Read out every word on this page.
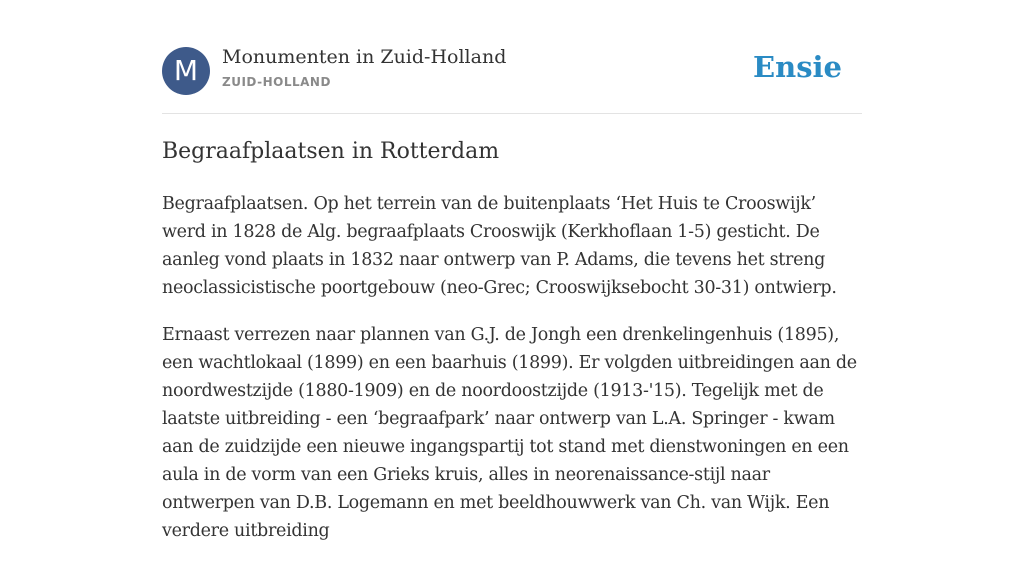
M	Monumenten in Zuid-Holland
ZUID-HOLLAND	Ensie
Begraafplaatsen in Rotterdam

Begraafplaatsen. Op het terrein van de buitenplaats ‘Het Huis te Crooswijk’ werd in 1828 de Alg. begraafplaats Crooswijk (Kerkhoflaan 1-5) gesticht. De aanleg vond plaats in 1832 naar ontwerp van P. Adams, die tevens het streng neoclassicistische poortgebouw (neo-Grec; Crooswijksebocht 30-31) ontwierp.

Ernaast verrezen naar plannen van G.J. de Jongh een drenkelingenhuis (1895), een wachtlokaal (1899) en een baarhuis (1899). Er volgden uitbreidingen aan de noordwestzijde (1880-1909) en de noordoostzijde (1913-'15). Tegelijk met de laatste uitbreiding - een ‘begraafpark’ naar ontwerp van L.A. Springer - kwam aan de zuidzijde een nieuwe ingangspartij tot stand met dienstwoningen en een aula in de vorm van een Grieks kruis, alles in neorenaissance-stijl naar ontwerpen van D.B. Logemann en met beeldhouwwerk van Ch. van Wijk. Een verdere uitbreiding
